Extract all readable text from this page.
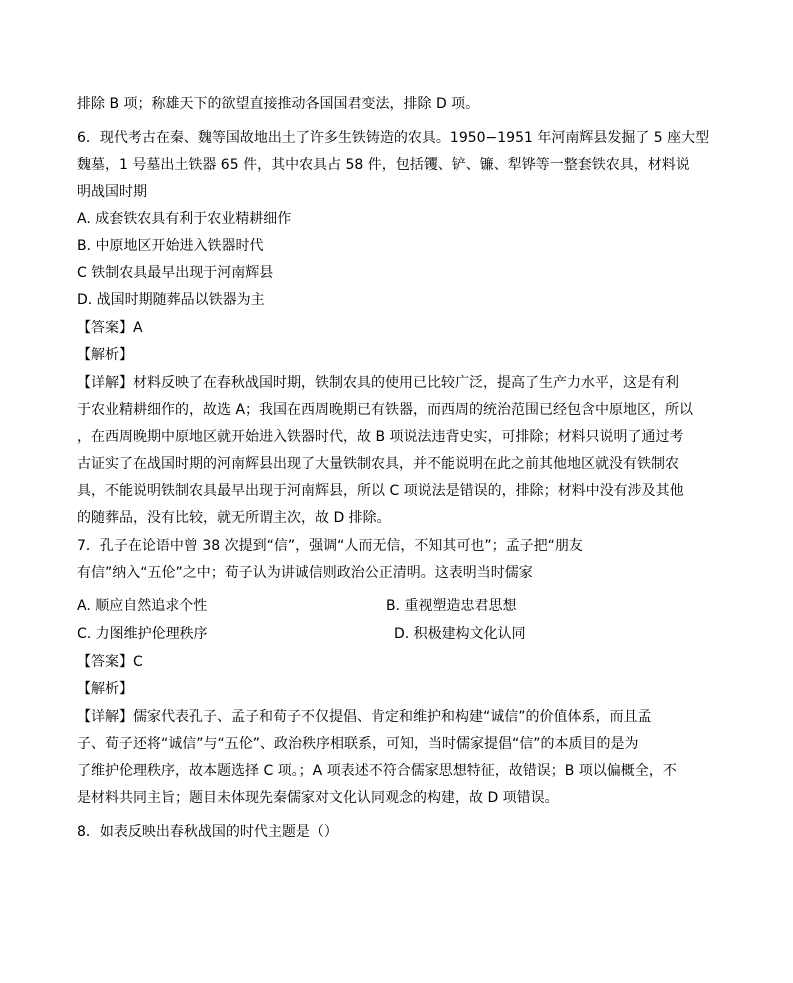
排除 B 项；称雄天下的欲望直接推动各国国君变法，排除 D 项。
6．现代考古在秦、魏等国故地出土了许多生铁铸造的农具。1950−1951 年河南辉县发掘了 5 座大型
魏墓，1 号墓出土铁器 65 件，其中农具占 58 件，包括䦆、铲、镰、犁铧等一整套铁农具，材料说
明战国时期
A. 成套铁农具有利于农业精耕细作
B. 中原地区开始进入铁器时代
C 铁制农具最早出现于河南辉县
D. 战国时期随葬品以铁器为主
【答案】A
【解析】
【详解】材料反映了在春秋战国时期，铁制农具的使用已比较广泛，提高了生产力水平，这是有利
于农业精耕细作的，故选 A；我国在西周晚期已有铁器，而西周的统治范围已经包含中原地区，所以
，在西周晚期中原地区就开始进入铁器时代，故 B 项说法违背史实，可排除；材料只说明了通过考
古证实了在战国时期的河南辉县出现了大量铁制农具，并不能说明在此之前其他地区就没有铁制农
具，不能说明铁制农具最早出现于河南辉县，所以 C 项说法是错误的，排除；材料中没有涉及其他
的随葬品，没有比较，就无所谓主次，故 D 排除。
7．孔子在论语中曾 38 次提到“信”，强调“人而无信，不知其可也”；孟子把“朋友
有信”纳入“五伦”之中；荀子认为讲诚信则政治公正清明。这表明当时儒家
A. 顺应自然追求个性	B. 重视塑造忠君思想
C. 力图维护伦理秩序	D. 积极建构文化认同
【答案】C
【解析】
【详解】儒家代表孔子、孟子和荀子不仅提倡、肯定和维护和构建“诚信”的价值体系，而且孟
子、荀子还将“诚信”与“五伦”、政治秩序相联系，可知，当时儒家提倡“信”的本质目的是为
了维护伦理秩序，故本题选择 C 项。；A 项表述不符合儒家思想特征，故错误；B 项以偏概全，不
是材料共同主旨；题目未体现先秦儒家对文化认同观念的构建，故 D 项错误。
8．如表反映出春秋战国的时代主题是（）
